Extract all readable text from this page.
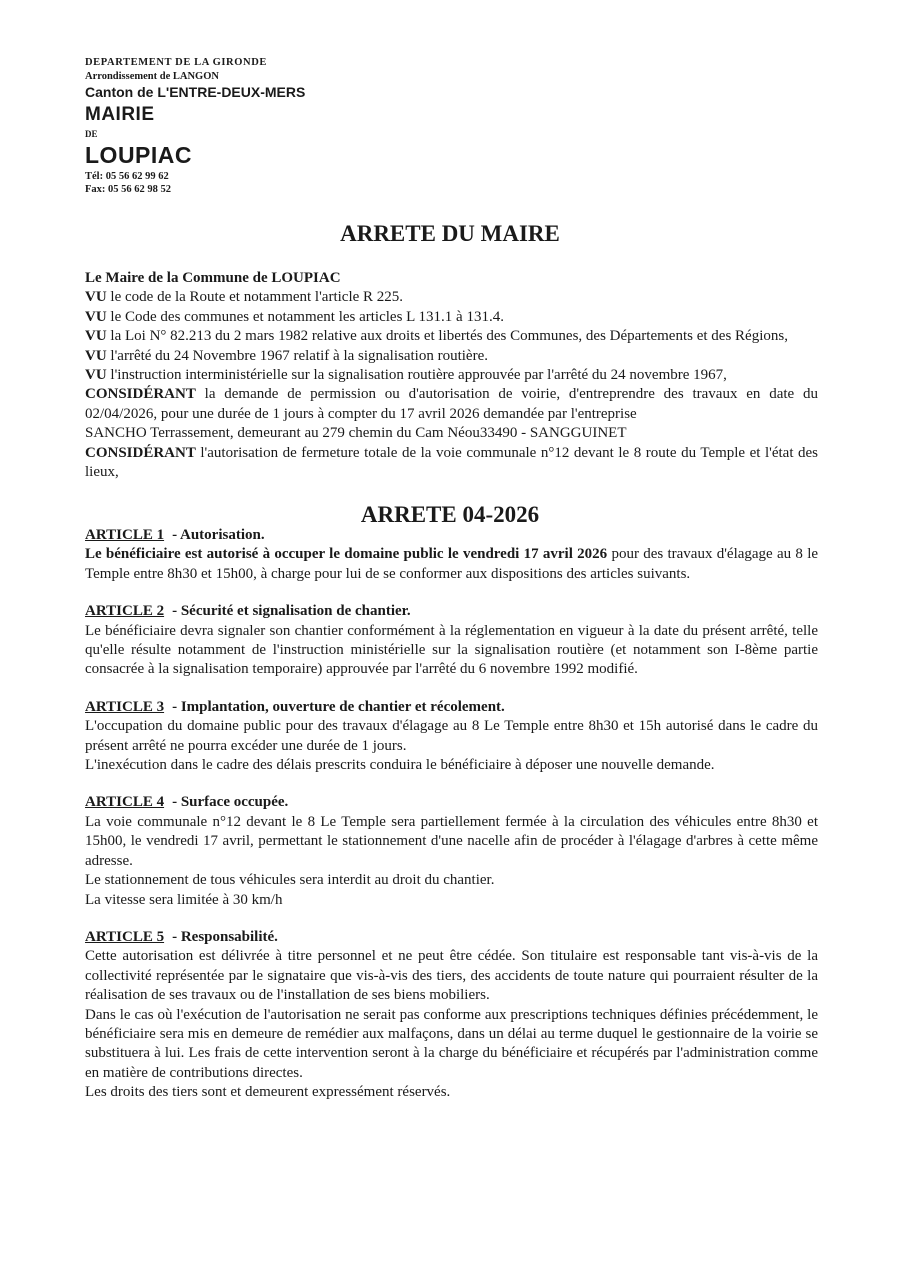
DEPARTEMENT DE LA GIRONDE
Arrondissement de LANGON
Canton de L'ENTRE-DEUX-MERS
MAIRIE
DE
LOUPIAC
Tél: 05 56 62 99 62
Fax: 05 56 62 98 52
ARRETE DU MAIRE

Le Maire de la Commune de LOUPIAC

VU le code de la Route et notamment l'article R 225.

VU le Code des communes et notamment les articles L 131.1 à 131.4.

VU la Loi N° 82.213 du 2 mars 1982 relative aux droits et libertés des Communes, des Départements et des Régions,

VU l'arrêté du 24 Novembre 1967 relatif à la signalisation routière.

VU l'instruction interministérielle sur la signalisation routière approuvée par l'arrêté du 24 novembre 1967,

CONSIDÉRANT la demande de permission ou d'autorisation de voirie, d'entreprendre des travaux en date du 02/04/2026, pour une durée de 1 jours à compter du 17 avril 2026 demandée par l'entreprise

SANCHO Terrassement, demeurant au 279 chemin du Cam Néou33490 - SANGGUINET

CONSIDÉRANT l'autorisation de fermeture totale de la voie communale n°12 devant le 8 route du Temple et l'état des lieux,

ARRETE 04-2026

ARTICLE 1 - Autorisation.

Le bénéficiaire est autorisé à occuper le domaine public le vendredi 17 avril 2026 pour des travaux d'élagage au 8 le Temple entre 8h30 et 15h00, à charge pour lui de se conformer aux dispositions des articles suivants.

ARTICLE 2 - Sécurité et signalisation de chantier.

Le bénéficiaire devra signaler son chantier conformément à la réglementation en vigueur à la date du présent arrêté, telle qu'elle résulte notamment de l'instruction ministérielle sur la signalisation routière (et notamment son I-8ème partie consacrée à la signalisation temporaire) approuvée par l'arrêté du 6 novembre 1992 modifié.

ARTICLE 3 - Implantation, ouverture de chantier et récolement.

L'occupation du domaine public pour des travaux d'élagage au 8 Le Temple entre 8h30 et 15h autorisé dans le cadre du présent arrêté ne pourra excéder une durée de 1 jours.

L'inexécution dans le cadre des délais prescrits conduira le bénéficiaire à déposer une nouvelle demande.

ARTICLE 4 - Surface occupée.

La voie communale n°12 devant le 8 Le Temple sera partiellement fermée à la circulation des véhicules entre 8h30 et 15h00, le vendredi 17 avril, permettant le stationnement d'une nacelle afin de procéder à l'élagage d'arbres à cette même adresse.

Le stationnement de tous véhicules sera interdit au droit du chantier.

La vitesse sera limitée à 30 km/h

ARTICLE 5 - Responsabilité.

Cette autorisation est délivrée à titre personnel et ne peut être cédée. Son titulaire est responsable tant vis-à-vis de la collectivité représentée par le signataire que vis-à-vis des tiers, des accidents de toute nature qui pourraient résulter de la réalisation de ses travaux ou de l'installation de ses biens mobiliers.

Dans le cas où l'exécution de l'autorisation ne serait pas conforme aux prescriptions techniques définies précédemment, le bénéficiaire sera mis en demeure de remédier aux malfaçons, dans un délai au terme duquel le gestionnaire de la voirie se substituera à lui. Les frais de cette intervention seront à la charge du bénéficiaire et récupérés par l'administration comme en matière de contributions directes.

Les droits des tiers sont et demeurent expressément réservés.
